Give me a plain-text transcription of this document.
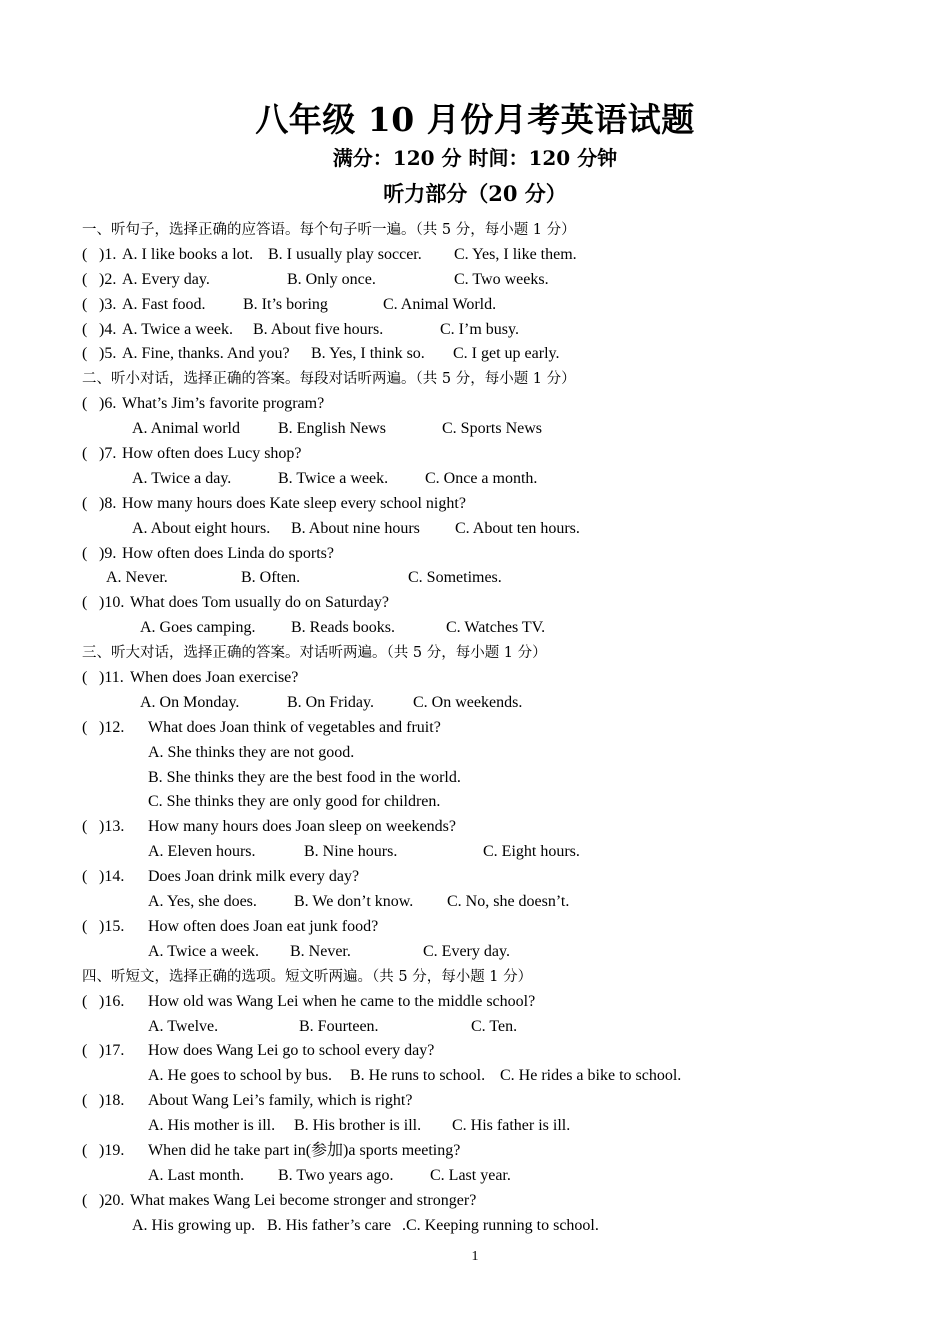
八年级 10 月份月考英语试题
满分：120 分 时间：120 分钟
听力部分（20 分）
一、听句子，选择正确的应答语。每个句子听一遍。（共 5 分，每小题 1 分）
( )1. A. I like books a lot. B. I usually play soccer. C. Yes, I like them.
( )2. A. Every day.	B. Only once.	C. Two weeks.
( )3. A. Fast food. B. It’s boring	C. Animal World.
( )4. A. Twice a week. B. About five hours.	C. I’m busy.
( )5. A. Fine, thanks. And you? B. Yes, I think so. C. I get up early.
二、听小对话，选择正确的答案。每段对话听两遍。（共 5 分，每小题 1 分）
( )6. What’s Jim’s favorite program?
A. Animal world B. English News	C. Sports News
( )7. How often does Lucy shop?
A. Twice a day.	B. Twice a week. C. Once a month.
( )8. How many hours does Kate sleep every school night?
A. About eight hours. B. About nine hours C. About ten hours.
( )9. How often does Linda do sports?
A. Never.	B. Often.	C. Sometimes.
( )10. What does Tom usually do on Saturday?
A. Goes camping. B. Reads books.	C. Watches TV.
三、听大对话，选择正确的答案。对话听两遍。（共 5 分，每小题 1 分）
( )11. When does Joan exercise?
A. On Monday.	B. On Friday. C. On weekends.
( )12. What does Joan think of vegetables and fruit?
A. She thinks they are not good.
B. She thinks they are the best food in the world.
C. She thinks they are only good for children.
( )13. How many hours does Joan sleep on weekends?
A. Eleven hours.	B. Nine hours.	C. Eight hours.
( )14. Does Joan drink milk every day?
A. Yes, she does. B. We don’t know. C. No, she doesn’t.
( )15. How often does Joan eat junk food?
A. Twice a week. B. Never.	C. Every day.
四、听短文，选择正确的选项。短文听两遍。（共 5 分，每小题 1 分）
( )16. How old was Wang Lei when he came to the middle school?
A. Twelve.	B. Fourteen.	C. Ten.
( )17. How does Wang Lei go to school every day?
A. He goes to school by bus. B. He runs to school. C. He rides a bike to school.
( )18. About Wang Lei’s family, which is right?
A. His mother is ill. B. His brother is ill. C. His father is ill.
( )19. When did he take part in(参加)a sports meeting?
A. Last month. B. Two years ago. C. Last year.
( )20. What makes Wang Lei become stronger and stronger?
A. His growing up. B. His father’s care .C. Keeping running to school.
1
